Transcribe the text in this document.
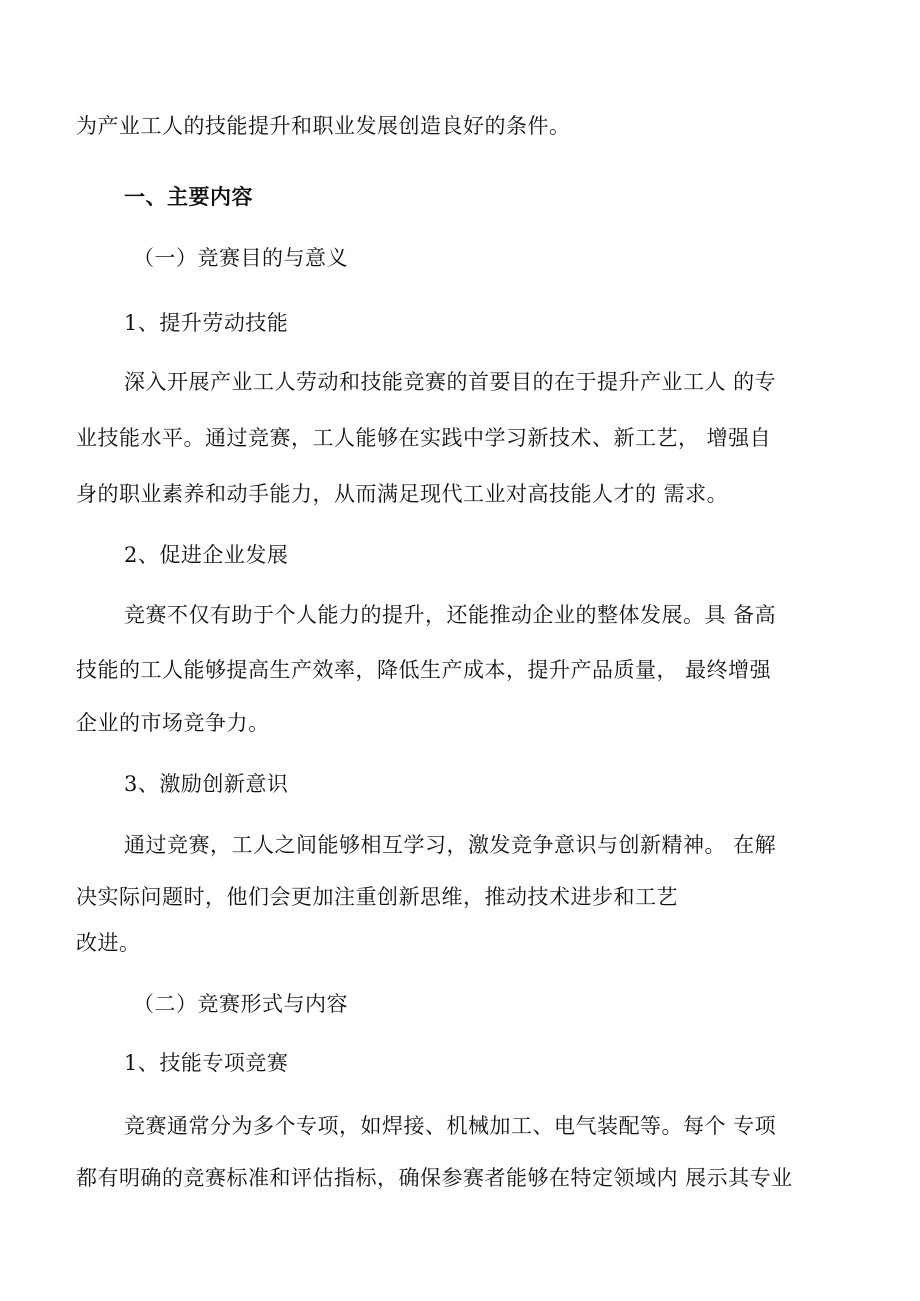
为产业工人的技能提升和职业发展创造良好的条件。
一、主要内容
（一）竞赛目的与意义
1、提升劳动技能
深入开展产业工人劳动和技能竞赛的首要目的在于提升产业工人 的专
业技能水平。通过竞赛，工人能够在实践中学习新技术、新工艺， 增强自
身的职业素养和动手能力，从而满足现代工业对高技能人才的 需求。
2、促进企业发展
竞赛不仅有助于个人能力的提升，还能推动企业的整体发展。具 备高
技能的工人能够提高生产效率，降低生产成本，提升产品质量， 最终增强
企业的市场竞争力。
3、激励创新意识
通过竞赛，工人之间能够相互学习，激发竞争意识与创新精神。 在解
决实际问题时，他们会更加注重创新思维，推动技术进步和工艺
改进。
（二）竞赛形式与内容
1、技能专项竞赛
竞赛通常分为多个专项，如焊接、机械加工、电气装配等。每个 专项
都有明确的竞赛标准和评估指标，确保参赛者能够在特定领域内 展示其专业
